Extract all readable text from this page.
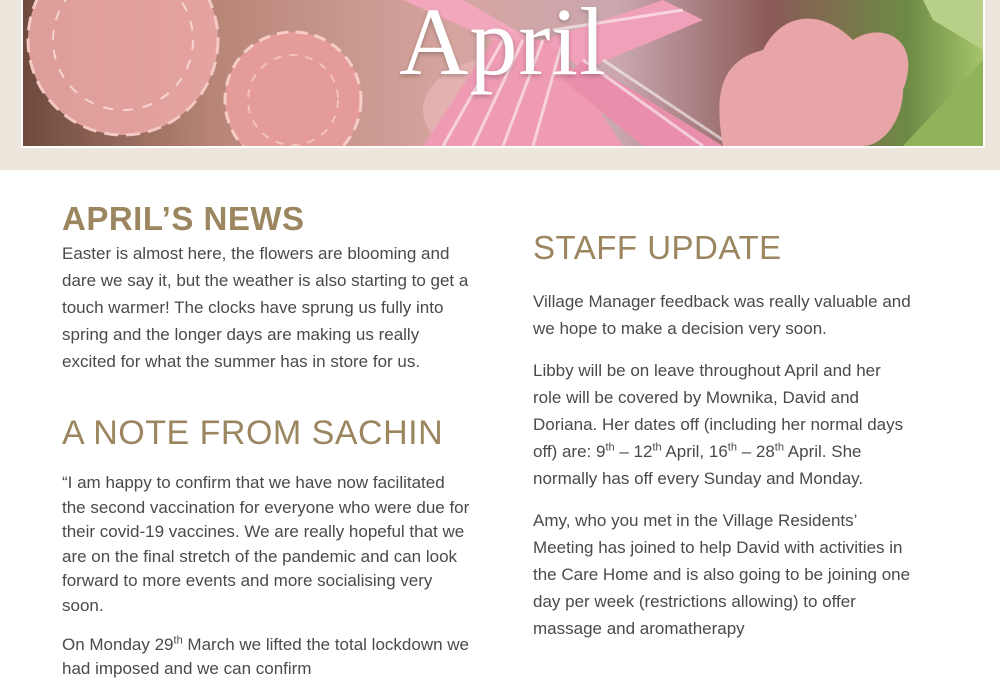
April
APRIL’S NEWS

Easter is almost here, the flowers are blooming and dare we say it, but the weather is also starting to get a touch warmer! The clocks have sprung us fully into spring and the longer days are making us really excited for what the summer has in store for us.

A NOTE FROM SACHIN

“I am happy to confirm that we have now facilitated the second vaccination for everyone who were due for their covid-19 vaccines. We are really hopeful that we are on the final stretch of the pandemic and can look forward to more events and more socialising very soon.

On Monday 29th March we lifted the total lockdown we had imposed and we can confirm

STAFF UPDATE

Village Manager feedback was really valuable and we hope to make a decision very soon.

Libby will be on leave throughout April and her role will be covered by Mownika, David and Doriana. Her dates off (including her normal days off) are: 9th – 12th April, 16th – 28th April. She normally has off every Sunday and Monday.

Amy, who you met in the Village Residents’ Meeting has joined to help David with activities in the Care Home and is also going to be joining one day per week (restrictions allowing) to offer massage and aromatherapy
